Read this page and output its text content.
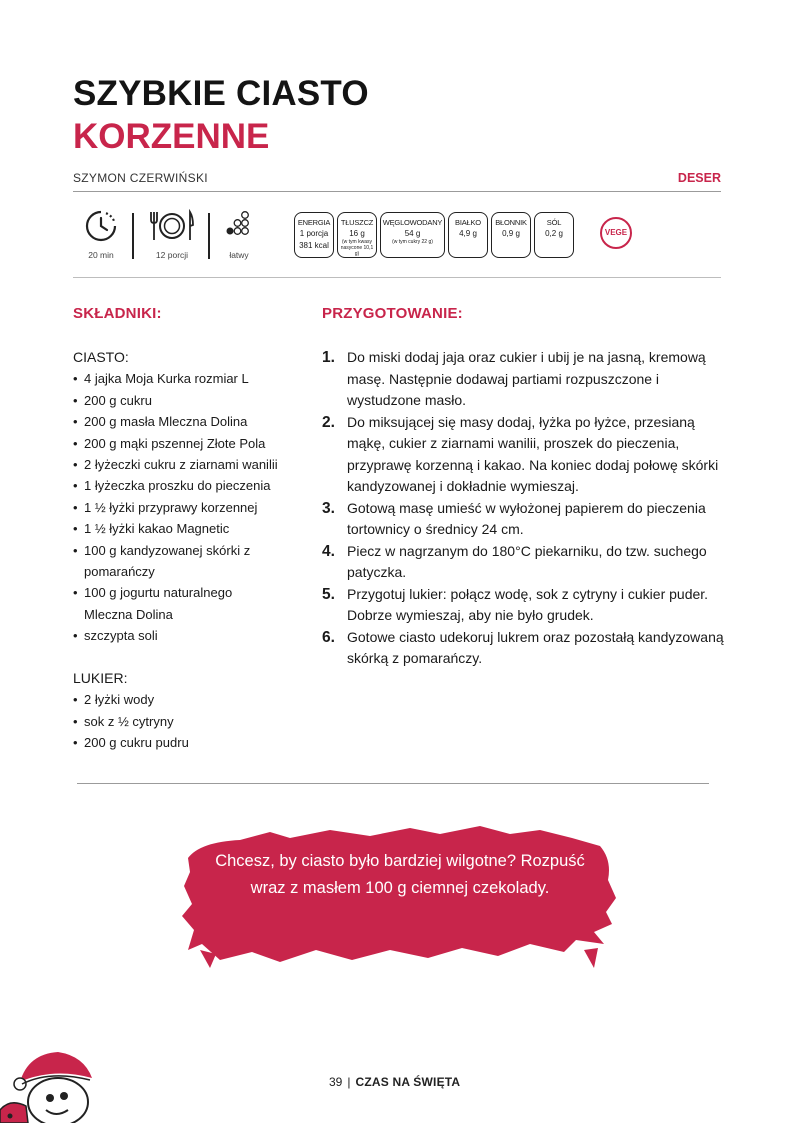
SZYBKIE CIASTO
KORZENNE
SZYMON CZERWIŃSKI	DESER
20 min	12 porcji	łatwy
ENERGIA
1 porcja
381 kcal
TŁUSZCZ
16 g
(w tym kwasy nasycone 10,1 g)
WĘGLOWODANY
54 g
(w tym cukry 22 g)
BIAŁKO
4,9 g
BŁONNIK
0,9 g
SÓL
0,2 g	VEGE
SKŁADNIKI:
CIASTO:
• 4 jajka Moja Kurka rozmiar L
• 200 g cukru
• 200 g masła Mleczna Dolina
• 200 g mąki pszennej Złote Pola
• 2 łyżeczki cukru z ziarnami wanilii
• 1 łyżeczka proszku do pieczenia
• 1 ½ łyżki przyprawy korzennej
• 1 ½ łyżki kakao Magnetic
• 100 g kandyzowanej skórki z pomarańczy
• 100 g jogurtu naturalnego Mleczna Dolina
• szczypta soli
LUKIER:
• 2 łyżki wody
• sok z ½ cytryny
• 200 g cukru pudru
PRZYGOTOWANIE:
1. Do miski dodaj jaja oraz cukier i ubij je na jasną, kremową masę. Następnie dodawaj partiami rozpuszczone i wystudzone masło.
2. Do miksującej się masy dodaj, łyżka po łyżce, przesianą mąkę, cukier z ziarnami wanilii, proszek do pieczenia, przyprawę korzenną i kakao. Na koniec dodaj połowę skórki kandyzowanej i dokładnie wymieszaj.
3. Gotową masę umieść w wyłożonej papierem do pieczenia tortownicy o średnicy 24 cm.
4. Piecz w nagrzanym do 180°C piekarniku, do tzw. suchego patyczka.
5. Przygotuj lukier: połącz wodę, sok z cytryny i cukier puder. Dobrze wymieszaj, aby nie było grudek.
6. Gotowe ciasto udekoruj lukrem oraz pozostałą kandyzowaną skórką z pomarańczy.
Chcesz, by ciasto było bardziej wilgotne? Rozpuść wraz z masłem 100 g ciemnej czekolady.
39 | CZAS NA ŚWIĘTA
